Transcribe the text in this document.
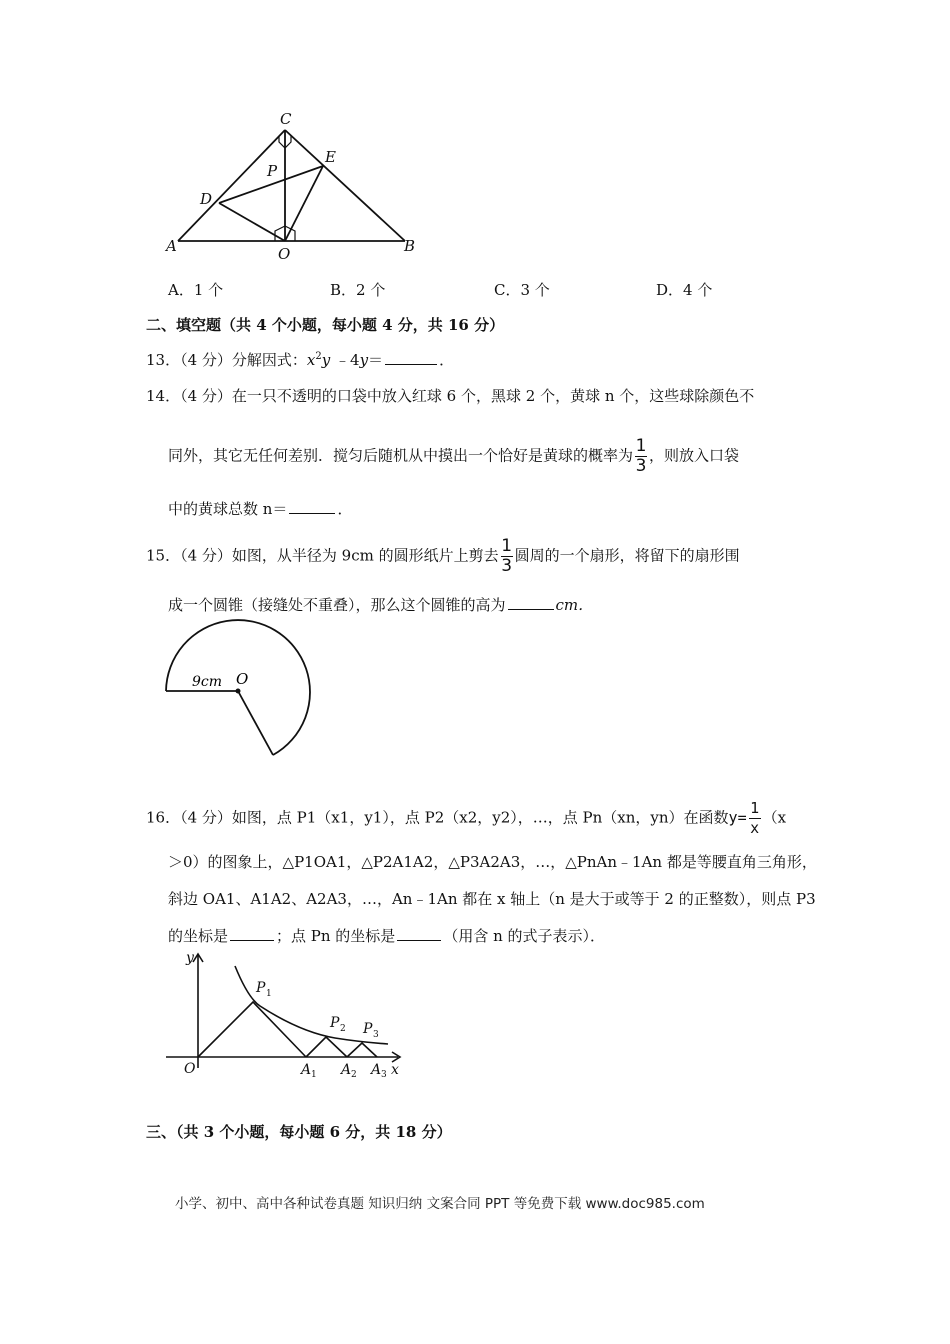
C
E
P
D
A	O	B
A．1 个	B．2 个	C．3 个	D．4 个
二、填空题（共 4 个小题，每小题 4 分，共 16 分）
13．（4 分）分解因式：$x^2y$ ﹣4y＝	．
14．（4 分）在一只不透明的口袋中放入红球 6 个，黑球 2 个，黄球 n 个，这些球除颜色不
同外，其它无任何差别．搅匀后随机从中摸出一个恰好是黄球的概率为 $\frac{1}{3}$ ，则放入口袋
中的黄球总数 n＝	．
15．（4 分）如图，从半径为 9cm 的圆形纸片上剪去 $\frac{1}{3}$ 圆周的一个扇形，将留下的扇形围
成一个圆锥（接缝处不重叠），那么这个圆锥的高为	cm．
9cm O
16．（4 分）如图，点 P1（x1，y1），点 P2（x2，y2），…，点 Pn（xn，yn）在函数$y= \frac{1}{x} (x$
＞0）的图象上，△P1OA1，△P2A1A2，△P3A2A3，…，△PnAn﹣1An 都是等腰直角三角形，
斜边 OA1、A1A2、A2A3，…，An﹣1An 都在 x 轴上（n 是大于或等于 2 的正整数），则点 P3
的坐标是	；点 Pn 的坐标是	（用含 n 的式子表示）．
y
x
O
P
P P
A A A
1
2
3
1	2	3
三、（共 3 个小题，每小题 6 分，共 18 分）
小学、初中、高中各种试卷真题 知识归纳 文案合同 PPT 等免费下载 www.doc985.com
